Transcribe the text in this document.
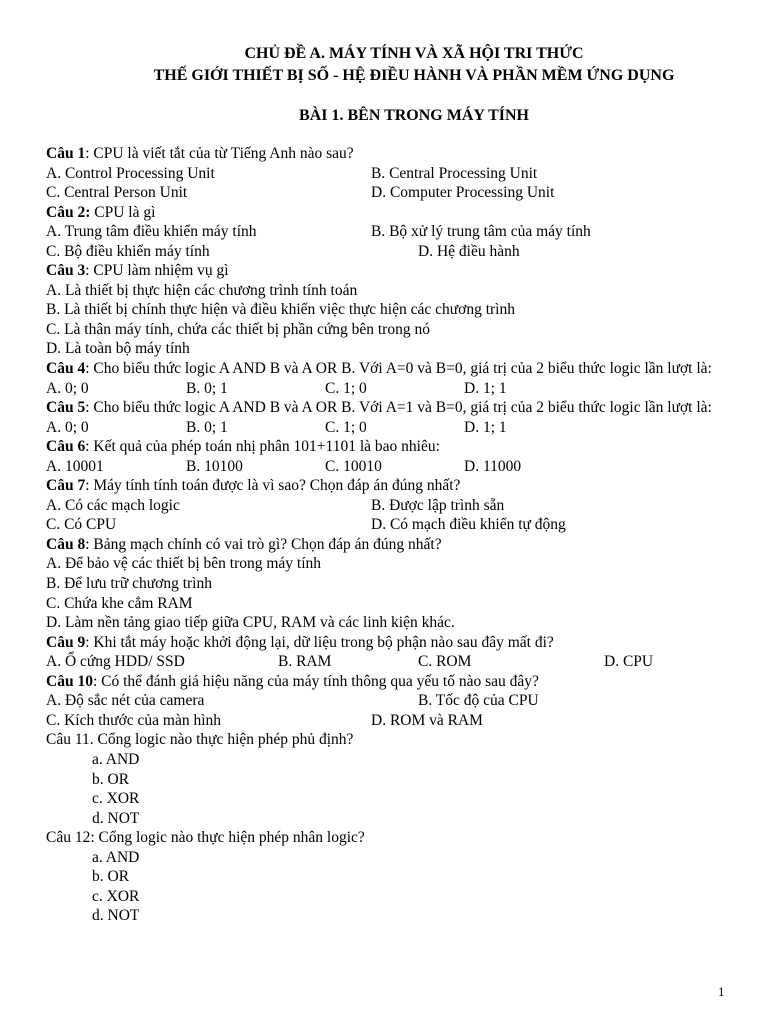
CHỦ ĐỀ A. MÁY TÍNH VÀ XÃ HỘI TRI THỨC
THẾ GIỚI THIẾT BỊ SỐ - HỆ ĐIỀU HÀNH VÀ PHẦN MỀM ỨNG DỤNG
BÀI 1. BÊN TRONG MÁY TÍNH
Câu 1: CPU là viết tắt của từ Tiếng Anh nào sau?
A. Control Processing Unit	B. Central Processing Unit
C. Central Person Unit	D. Computer Processing Unit
Câu 2: CPU là gì
A. Trung tâm điều khiển máy tính	B. Bộ xử lý trung tâm của máy tính
C. Bộ điều khiển máy tính	D. Hệ điều hành
Câu 3: CPU làm nhiệm vụ gì
A. Là thiết bị thực hiện các chương trình tính toán
B. Là thiết bị chính thực hiện và điều khiển việc thực hiện các chương trình
C. Là thân máy tính, chứa các thiết bị phần cứng bên trong nó
D. Là toàn bộ máy tính
Câu 4: Cho biểu thức logic A AND B và A OR B. Với A=0 và B=0, giá trị của 2 biểu thức logic lần lượt là:
A. 0; 0	B. 0; 1	C. 1; 0	D. 1; 1
Câu 5: Cho biểu thức logic A AND B và A OR B. Với A=1 và B=0, giá trị của 2 biểu thức logic lần lượt là:
A. 0; 0	B. 0; 1	C. 1; 0	D. 1; 1
Câu 6: Kết quả của phép toán nhị phân 101+1101 là bao nhiêu:
A. 10001	B. 10100	C. 10010	D. 11000
Câu 7: Máy tính tính toán được là vì sao? Chọn đáp án đúng nhất?
A. Có các mạch logic	B. Được lập trình sẵn
C. Có CPU	D. Có mạch điều khiển tự động
Câu 8: Bảng mạch chính có vai trò gì? Chọn đáp án đúng nhất?
A. Để bảo vệ các thiết bị bên trong máy tính
B. Để lưu trữ chương trình
C. Chứa khe cắm RAM
D. Làm nền tảng giao tiếp giữa CPU, RAM và các linh kiện khác.
Câu 9: Khi tắt máy hoặc khởi động lại, dữ liệu trong bộ phận nào sau đây mất đi?
A. Ổ cứng HDD/ SSD	B. RAM	C. ROM	D. CPU
Câu 10: Có thể đánh giá hiệu năng của máy tính thông qua yếu tố nào sau đây?
A. Độ sắc nét của camera	B. Tốc độ của CPU
C. Kích thước của màn hình	D. ROM và RAM
Câu 11. Cổng logic nào thực hiện phép phủ định?
a. AND
b. OR
c. XOR
d. NOT
Câu 12: Cổng logic nào thực hiện phép nhân logic?
a. AND
b. OR
c. XOR
d. NOT
1
